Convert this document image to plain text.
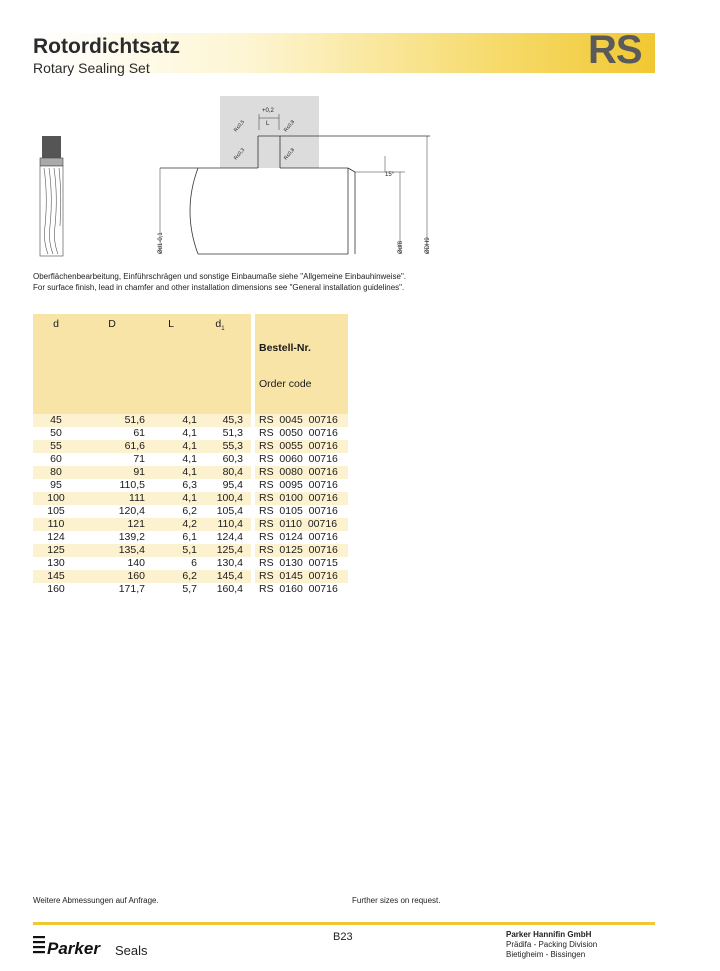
Rotordichtsatz
Rotary Sealing Set	RS
+0,2
L
R≤0,5	R≤0,8
R≤0,3	R≤0,8
15°
Ød1-0,1	Ødf8	ØDH9
Oberflächenbearbeitung, Einführschrägen und sonstige Einbaumaße siehe "Allgemeine Einbauhinweise".
For surface finish, lead in chamfer and other installation dimensions see "General installation guidelines".
d	D	L	$d_1$		Bestell-Nr.

Order code

45	51,6	4,1	45,3		RS  0045  00716
50	61	4,1	51,3		RS  0050  00716
55	61,6	4,1	55,3		RS  0055  00716
60	71	4,1	60,3		RS  0060  00716
80	91	4,1	80,4		RS  0080  00716
95	110,5	6,3	95,4		RS  0095  00716
100	111	4,1	100,4		RS  0100  00716
105	120,4	6,2	105,4		RS  0105  00716
110	121	4,2	110,4		RS  0110  00716
124	139,2	6,1	124,4		RS  0124  00716
125	135,4	5,1	125,4		RS  0125  00716
130	140	6	130,4		RS  0130  00715
145	160	6,2	145,4		RS  0145  00716
160	171,7	5,7	160,4		RS  0160  00716
Weitere Abmessungen auf Anfrage.	Further sizes on request.
B23
Parker Seals
Parker Hannifin GmbH
Prädifa - Packing Division
Bietigheim - Bissingen
